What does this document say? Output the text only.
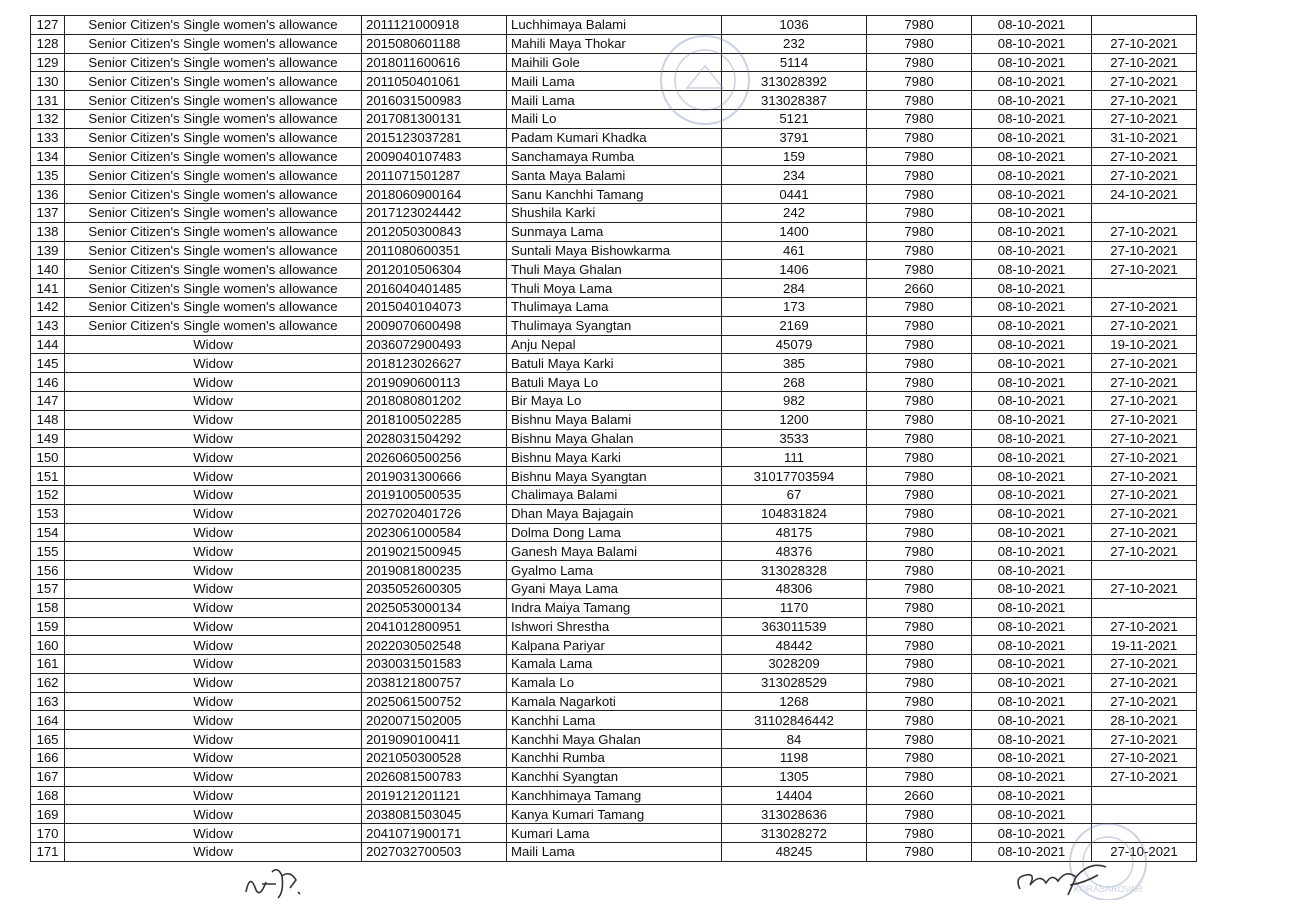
127	Senior Citizen's Single women's allowance	2011121000918	Luchhimaya Balami	1036	7980	08-10-2021	
128	Senior Citizen's Single women's allowance	2015080601188	Mahili Maya Thokar	232	7980	08-10-2021	27-10-2021
129	Senior Citizen's Single women's allowance	2018011600616	Maihili Gole	5114	7980	08-10-2021	27-10-2021
130	Senior Citizen's Single women's allowance	2011050401061	Maili Lama	313028392	7980	08-10-2021	27-10-2021
131	Senior Citizen's Single women's allowance	2016031500983	Maili Lama	313028387	7980	08-10-2021	27-10-2021
132	Senior Citizen's Single women's allowance	2017081300131	Maili Lo	5121	7980	08-10-2021	27-10-2021
133	Senior Citizen's Single women's allowance	2015123037281	Padam Kumari Khadka	3791	7980	08-10-2021	31-10-2021
134	Senior Citizen's Single women's allowance	2009040107483	Sanchamaya Rumba	159	7980	08-10-2021	27-10-2021
135	Senior Citizen's Single women's allowance	2011071501287	Santa Maya Balami	234	7980	08-10-2021	27-10-2021
136	Senior Citizen's Single women's allowance	2018060900164	Sanu Kanchhi Tamang	0441	7980	08-10-2021	24-10-2021
137	Senior Citizen's Single women's allowance	2017123024442	Shushila Karki	242	7980	08-10-2021	
138	Senior Citizen's Single women's allowance	2012050300843	Sunmaya Lama	1400	7980	08-10-2021	27-10-2021
139	Senior Citizen's Single women's allowance	2011080600351	Suntali Maya Bishowkarma	461	7980	08-10-2021	27-10-2021
140	Senior Citizen's Single women's allowance	2012010506304	Thuli Maya Ghalan	1406	7980	08-10-2021	27-10-2021
141	Senior Citizen's Single women's allowance	2016040401485	Thuli Moya Lama	284	2660	08-10-2021	
142	Senior Citizen's Single women's allowance	2015040104073	Thulimaya Lama	173	7980	08-10-2021	27-10-2021
143	Senior Citizen's Single women's allowance	2009070600498	Thulimaya Syangtan	2169	7980	08-10-2021	27-10-2021
144	Widow	2036072900493	Anju Nepal	45079	7980	08-10-2021	19-10-2021
145	Widow	2018123026627	Batuli Maya Karki	385	7980	08-10-2021	27-10-2021
146	Widow	2019090600113	Batuli Maya Lo	268	7980	08-10-2021	27-10-2021
147	Widow	2018080801202	Bir Maya Lo	982	7980	08-10-2021	27-10-2021
148	Widow	2018100502285	Bishnu Maya Balami	1200	7980	08-10-2021	27-10-2021
149	Widow	2028031504292	Bishnu Maya Ghalan	3533	7980	08-10-2021	27-10-2021
150	Widow	2026060500256	Bishnu Maya Karki	111	7980	08-10-2021	27-10-2021
151	Widow	2019031300666	Bishnu Maya Syangtan	31017703594	7980	08-10-2021	27-10-2021
152	Widow	2019100500535	Chalimaya Balami	67	7980	08-10-2021	27-10-2021
153	Widow	2027020401726	Dhan Maya Bajagain	104831824	7980	08-10-2021	27-10-2021
154	Widow	2023061000584	Dolma Dong Lama	48175	7980	08-10-2021	27-10-2021
155	Widow	2019021500945	Ganesh Maya Balami	48376	7980	08-10-2021	27-10-2021
156	Widow	2019081800235	Gyalmo Lama	313028328	7980	08-10-2021	
157	Widow	2035052600305	Gyani Maya Lama	48306	7980	08-10-2021	27-10-2021
158	Widow	2025053000134	Indra Maiya Tamang	1170	7980	08-10-2021	
159	Widow	2041012800951	Ishwori Shrestha	363011539	7980	08-10-2021	27-10-2021
160	Widow	2022030502548	Kalpana Pariyar	48442	7980	08-10-2021	19-11-2021
161	Widow	2030031501583	Kamala Lama	3028209	7980	08-10-2021	27-10-2021
162	Widow	2038121800757	Kamala Lo	313028529	7980	08-10-2021	27-10-2021
163	Widow	2025061500752	Kamala Nagarkoti	1268	7980	08-10-2021	27-10-2021
164	Widow	2020071502005	Kanchhi Lama	31102846442	7980	08-10-2021	28-10-2021
165	Widow	2019090100411	Kanchhi Maya Ghalan	84	7980	08-10-2021	27-10-2021
166	Widow	2021050300528	Kanchhi Rumba	1198	7980	08-10-2021	27-10-2021
167	Widow	2026081500783	Kanchhi Syangtan	1305	7980	08-10-2021	27-10-2021
168	Widow	2019121201121	Kanchhimaya Tamang	14404	2660	08-10-2021	
169	Widow	2038081503045	Kanya Kumari Tamang	313028636	7980	08-10-2021	
170	Widow	2041071900171	Kumari Lama	313028272	7980	08-10-2021	
171	Widow	2027032700503	Maili Lama	48245	7980	08-10-2021	27-10-2021
KORASAROVAR
